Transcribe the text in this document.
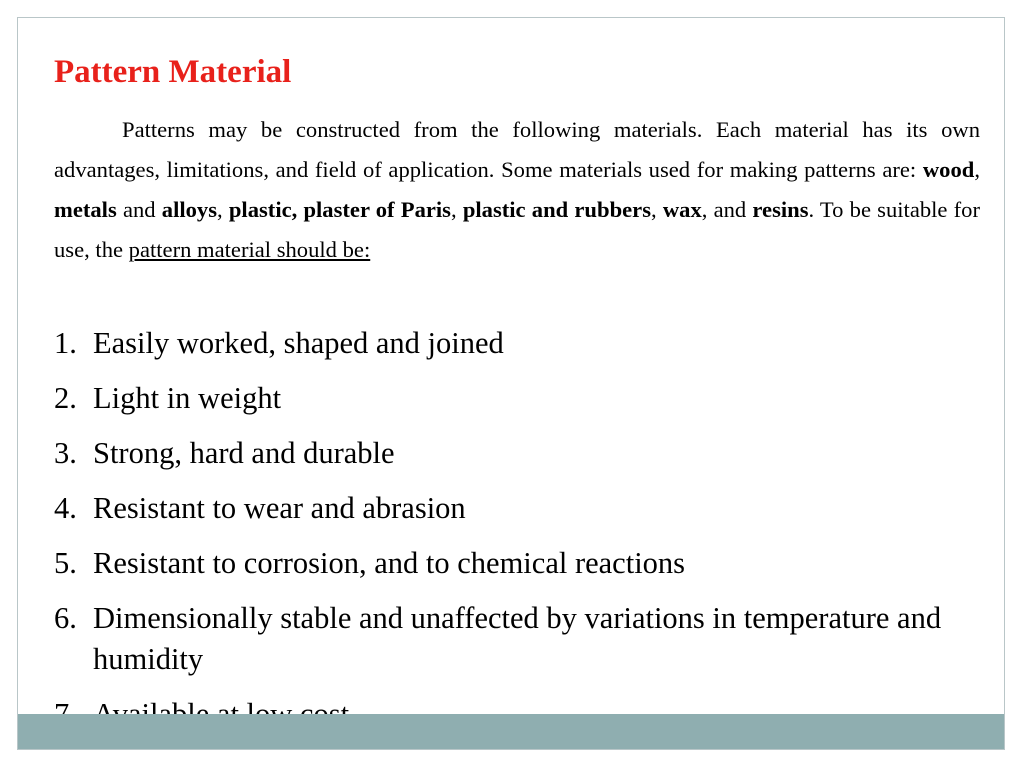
Pattern Material

Patterns may be constructed from the following materials. Each material has its own advantages, limitations, and field of application. Some materials used for making patterns are: wood, metals and alloys, plastic, plaster of Paris, plastic and rubbers, wax, and resins. To be suitable for use, the pattern material should be:

1. Easily worked, shaped and joined
2. Light in weight
3. Strong, hard and durable
4. Resistant to wear and abrasion
5. Resistant to corrosion, and to chemical reactions
6. Dimensionally stable and unaffected by variations in temperature and humidity
